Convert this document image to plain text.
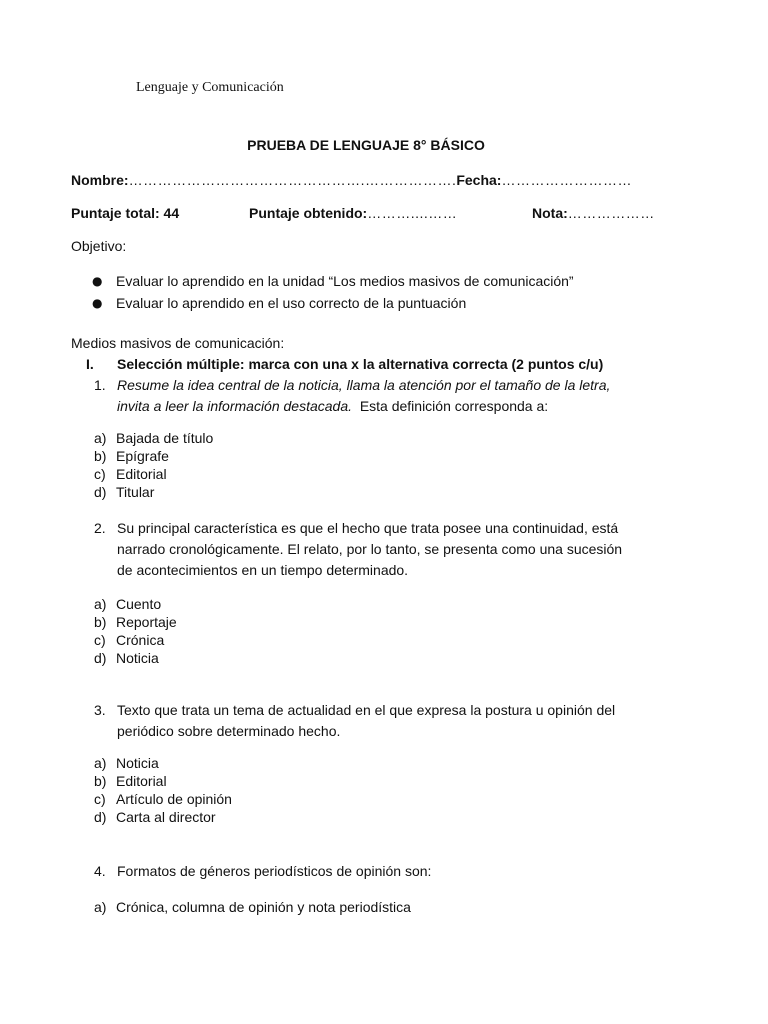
Lenguaje y Comunicación
PRUEBA DE LENGUAJE 8° BÁSICO
Nombre:………………………………………….……………….Fecha:………………………
Puntaje total: 44	Puntaje obtenido:………....……	Nota:………………
Objetivo:
● Evaluar lo aprendido en la unidad “Los medios masivos de comunicación”
● Evaluar lo aprendido en el uso correcto de la puntuación
Medios masivos de comunicación:
I. Selección múltiple: marca con una x la alternativa correcta (2 puntos c/u)
1. Resume la idea central de la noticia, llama la atención por el tamaño de la letra,
invita a leer la información destacada. Esta definición corresponda a:
a) Bajada de título
b) Epígrafe
c) Editorial
d) Titular
2. Su principal característica es que el hecho que trata posee una continuidad, está
narrado cronológicamente. El relato, por lo tanto, se presenta como una sucesión
de acontecimientos en un tiempo determinado.
a) Cuento
b) Reportaje
c) Crónica
d) Noticia
3. Texto que trata un tema de actualidad en el que expresa la postura u opinión del
periódico sobre determinado hecho.
a) Noticia
b) Editorial
c) Artículo de opinión
d) Carta al director
4. Formatos de géneros periodísticos de opinión son:
a) Crónica, columna de opinión y nota periodística
